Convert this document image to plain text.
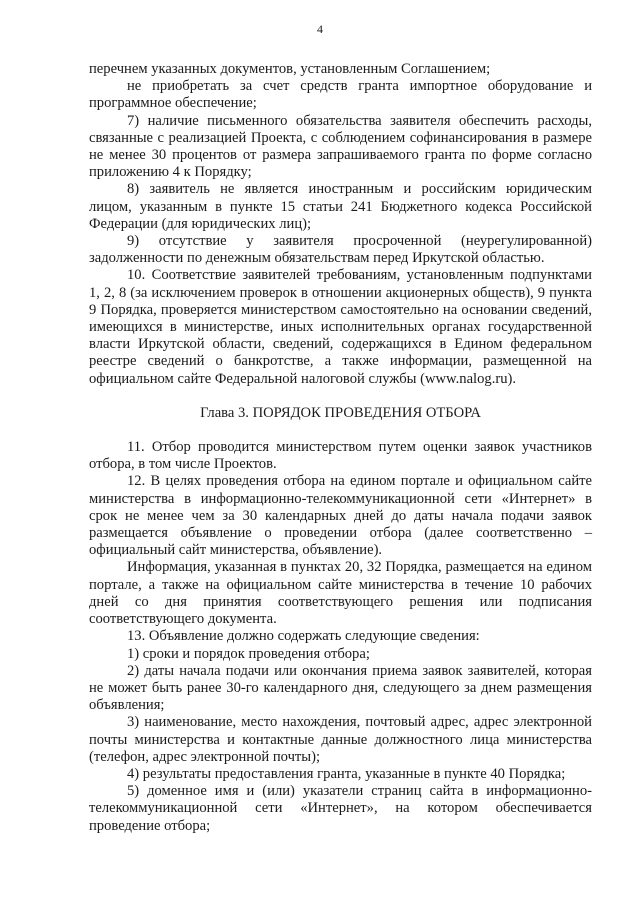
4

перечнем указанных документов, установленным Соглашением;

не приобретать за счет средств гранта импортное оборудование и программное обеспечение;

7) наличие письменного обязательства заявителя обеспечить расходы, связанные с реализацией Проекта, с соблюдением софинансирования в размере не менее 30 процентов от размера запрашиваемого гранта по форме согласно приложению 4 к Порядку;

8) заявитель не является иностранным и российским юридическим лицом, указанным в пункте 15 статьи 241 Бюджетного кодекса Российской Федерации (для юридических лиц);

9) отсутствие у заявителя просроченной (неурегулированной) задолженности по денежным обязательствам перед Иркутской областью.

10. Соответствие заявителей требованиям, установленным подпунктами 1, 2, 8 (за исключением проверок в отношении акционерных обществ), 9 пункта 9 Порядка, проверяется министерством самостоятельно на основании сведений, имеющихся в министерстве, иных исполнительных органах государственной власти Иркутской области, сведений, содержащихся в Едином федеральном реестре сведений о банкротстве, а также информации, размещенной на официальном сайте Федеральной налоговой службы (www.nalog.ru).

Глава 3. ПОРЯДОК ПРОВЕДЕНИЯ ОТБОРА

11. Отбор проводится министерством путем оценки заявок участников отбора, в том числе Проектов.

12. В целях проведения отбора на едином портале и официальном сайте министерства в информационно-телекоммуникационной сети «Интернет» в срок не менее чем за 30 календарных дней до даты начала подачи заявок размещается объявление о проведении отбора (далее соответственно – официальный сайт министерства, объявление).

Информация, указанная в пунктах 20, 32 Порядка, размещается на едином портале, а также на официальном сайте министерства в течение 10 рабочих дней со дня принятия соответствующего решения или подписания соответствующего документа.

13. Объявление должно содержать следующие сведения:

1) сроки и порядок проведения отбора;

2) даты начала подачи или окончания приема заявок заявителей, которая не может быть ранее 30-го календарного дня, следующего за днем размещения объявления;

3) наименование, место нахождения, почтовый адрес, адрес электронной почты министерства и контактные данные должностного лица министерства (телефон, адрес электронной почты);

4) результаты предоставления гранта, указанные в пункте 40 Порядка;

5) доменное имя и (или) указатели страниц сайта в информационно-телекоммуникационной сети «Интернет», на котором обеспечивается проведение отбора;
